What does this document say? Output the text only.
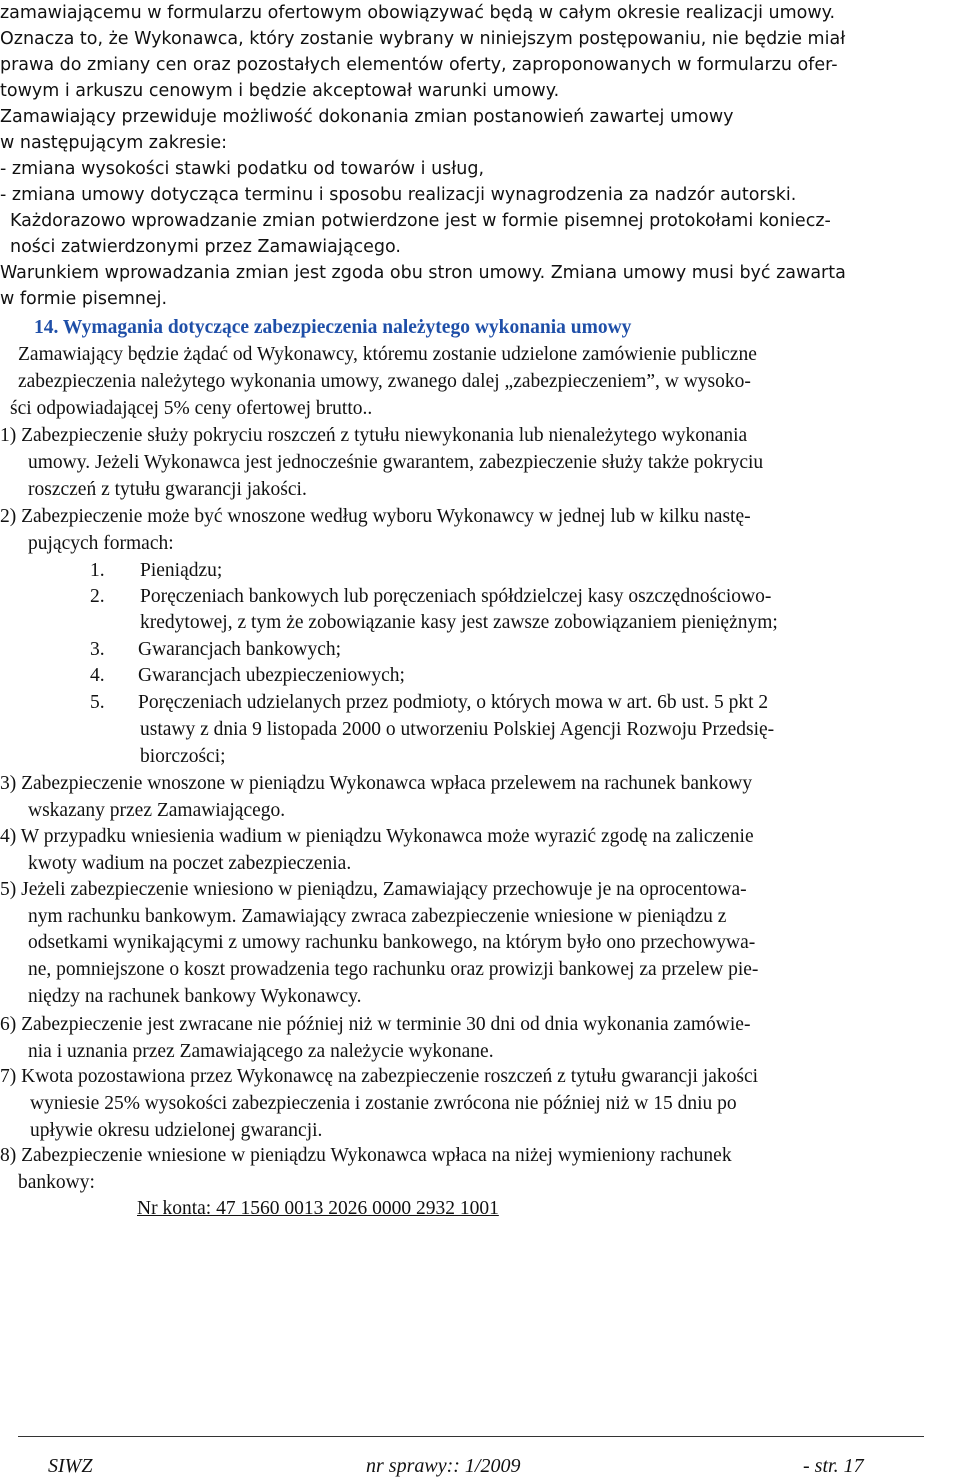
zamawiającemu w formularzu ofertowym obowiązywać będą w całym okresie realizacji umowy.
Oznacza to, że Wykonawca, który zostanie wybrany w niniejszym postępowaniu, nie będzie miał
prawa do zmiany cen oraz pozostałych elementów oferty, zaproponowanych w formularzu ofer-
towym i arkuszu cenowym i będzie akceptował warunki umowy.
Zamawiający przewiduje możliwość dokonania zmian postanowień zawartej umowy
w następującym zakresie:
- zmiana wysokości stawki podatku od towarów i usług,
- zmiana umowy dotycząca terminu i sposobu realizacji wynagrodzenia za nadzór autorski.
Każdorazowo wprowadzanie zmian potwierdzone jest w formie pisemnej protokołami koniecz-
ności zatwierdzonymi przez Zamawiającego.
Warunkiem wprowadzania zmian jest zgoda obu stron umowy. Zmiana umowy musi być zawarta
w formie pisemnej.
14. Wymagania dotyczące zabezpieczenia należytego wykonania umowy
Zamawiający będzie żądać od Wykonawcy, któremu zostanie udzielone zamówienie publiczne
zabezpieczenia należytego wykonania umowy, zwanego dalej „zabezpieczeniem”, w wysoko-
ści odpowiadającej 5% ceny ofertowej brutto..
1) Zabezpieczenie służy pokryciu roszczeń z tytułu niewykonania lub nienależytego wykonania
umowy. Jeżeli Wykonawca jest jednocześnie gwarantem, zabezpieczenie służy także pokryciu
roszczeń z tytułu gwarancji jakości.
2) Zabezpieczenie może być wnoszone według wyboru Wykonawcy w jednej lub w kilku nastę-
pujących formach:
1. Pieniądzu;
2. Poręczeniach bankowych lub poręczeniach spółdzielczej kasy oszczędnościowo-
kredytowej, z tym że zobowiązanie kasy jest zawsze zobowiązaniem pieniężnym;
3. Gwarancjach bankowych;
4. Gwarancjach ubezpieczeniowych;
5. Poręczeniach udzielanych przez podmioty, o których mowa w art. 6b ust. 5 pkt 2
ustawy z dnia 9 listopada 2000 o utworzeniu Polskiej Agencji Rozwoju Przedsię-
biorczości;
3) Zabezpieczenie wnoszone w pieniądzu Wykonawca wpłaca przelewem na rachunek bankowy
wskazany przez Zamawiającego.
4) W przypadku wniesienia wadium w pieniądzu Wykonawca może wyrazić zgodę na zaliczenie
kwoty wadium na poczet zabezpieczenia.
5) Jeżeli zabezpieczenie wniesiono w pieniądzu, Zamawiający przechowuje je na oprocentowa-
nym rachunku bankowym. Zamawiający zwraca zabezpieczenie wniesione w pieniądzu z
odsetkami wynikającymi z umowy rachunku bankowego, na którym było ono przechowywa-
ne, pomniejszone o koszt prowadzenia tego rachunku oraz prowizji bankowej za przelew pie-
niędzy na rachunek bankowy Wykonawcy.
6) Zabezpieczenie jest zwracane nie później niż w terminie 30 dni od dnia wykonania zamówie-
nia i uznania przez Zamawiającego za należycie wykonane.
7) Kwota pozostawiona przez Wykonawcę na zabezpieczenie roszczeń z tytułu gwarancji jakości
wyniesie 25% wysokości zabezpieczenia i zostanie zwrócona nie później niż w 15 dniu po
upływie okresu udzielonej gwarancji.
8) Zabezpieczenie wniesione w pieniądzu Wykonawca wpłaca na niżej wymieniony rachunek
bankowy:
Nr konta: 47 1560 0013 2026 0000 2932 1001
SIWZ	nr sprawy:: 1/2009	- str. 17
